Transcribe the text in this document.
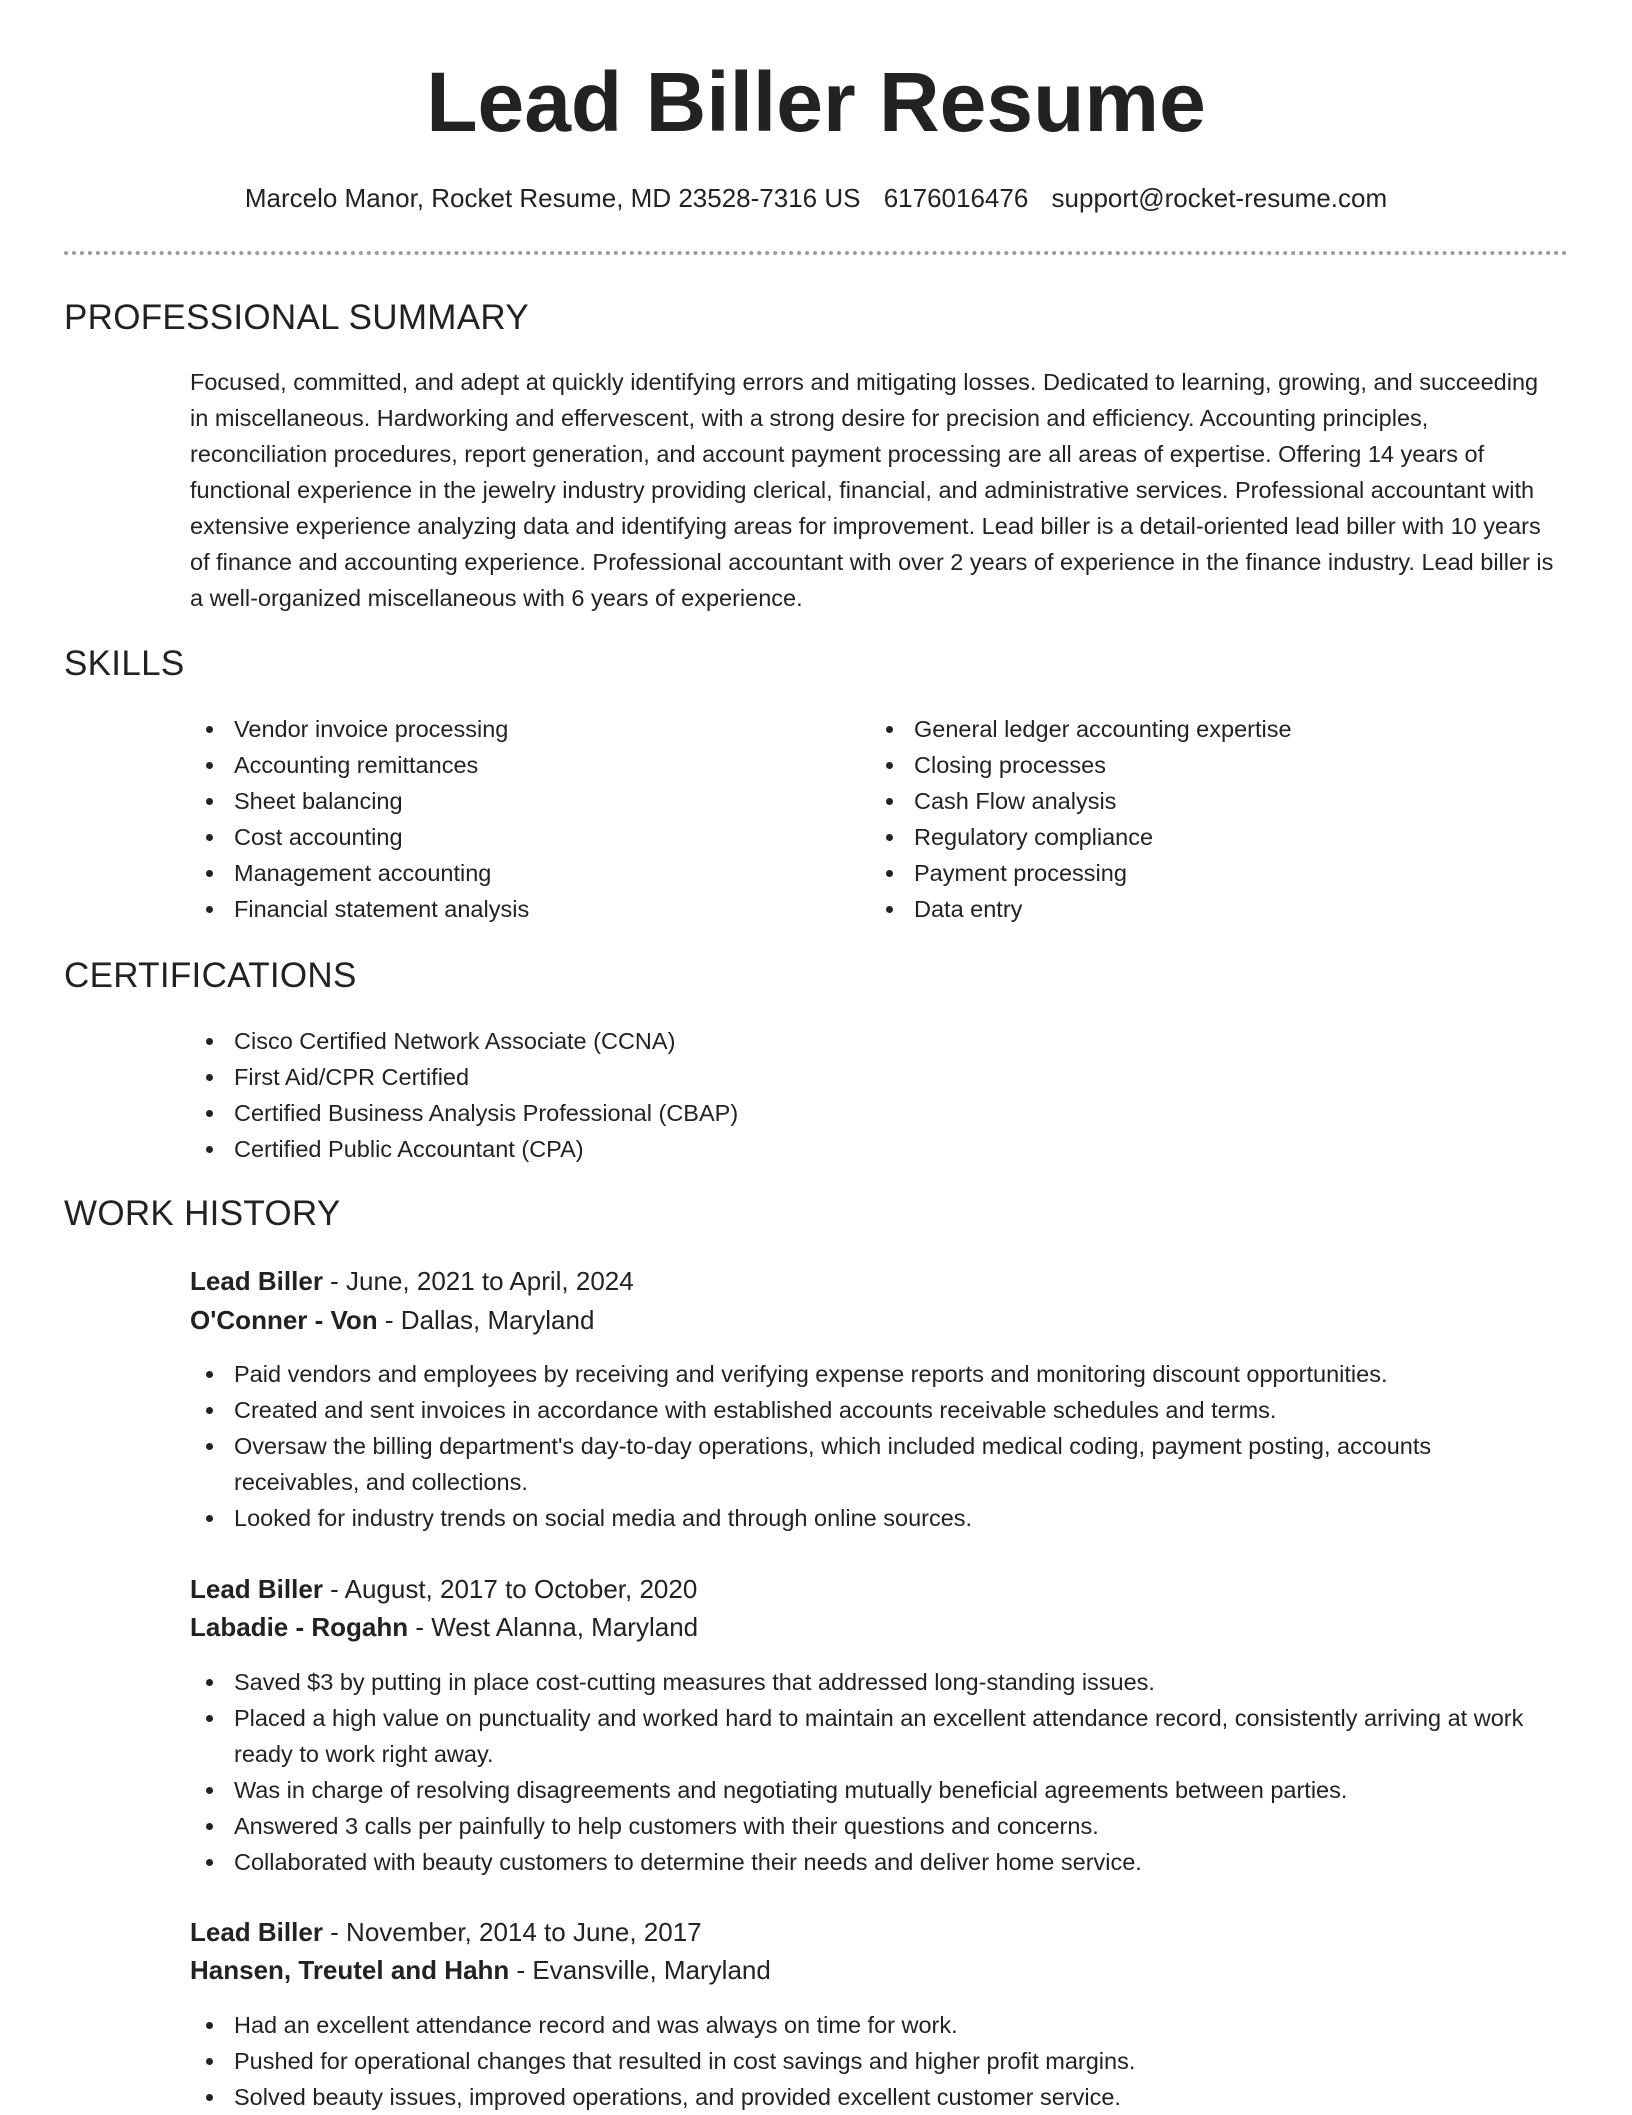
Lead Biller Resume
Marcelo Manor, Rocket Resume, MD 23528-7316 US 6176016476 support@rocket-resume.com
PROFESSIONAL SUMMARY

Focused, committed, and adept at quickly identifying errors and mitigating losses. Dedicated to learning, growing, and succeeding in miscellaneous. Hardworking and effervescent, with a strong desire for precision and efficiency. Accounting principles, reconciliation procedures, report generation, and account payment processing are all areas of expertise. Offering 14 years of functional experience in the jewelry industry providing clerical, financial, and administrative services. Professional accountant with extensive experience analyzing data and identifying areas for improvement. Lead biller is a detail-oriented lead biller with 10 years of finance and accounting experience. Professional accountant with over 2 years of experience in the finance industry. Lead biller is a well-organized miscellaneous with 6 years of experience.

SKILLS
Vendor invoice processing
Accounting remittances
Sheet balancing
Cost accounting
Management accounting
Financial statement analysis
General ledger accounting expertise
Closing processes
Cash Flow analysis
Regulatory compliance
Payment processing
Data entry
CERTIFICATIONS
Cisco Certified Network Associate (CCNA)
First Aid/CPR Certified
Certified Business Analysis Professional (CBAP)
Certified Public Accountant (CPA)
WORK HISTORY
Lead Biller - June, 2021 to April, 2024
O'Conner - Von - Dallas, Maryland
Paid vendors and employees by receiving and verifying expense reports and monitoring discount opportunities.
Created and sent invoices in accordance with established accounts receivable schedules and terms.
Oversaw the billing department's day-to-day operations, which included medical coding, payment posting, accounts receivables, and collections.
Looked for industry trends on social media and through online sources.
Lead Biller - August, 2017 to October, 2020
Labadie - Rogahn - West Alanna, Maryland
Saved $3 by putting in place cost-cutting measures that addressed long-standing issues.
Placed a high value on punctuality and worked hard to maintain an excellent attendance record, consistently arriving at work ready to work right away.
Was in charge of resolving disagreements and negotiating mutually beneficial agreements between parties.
Answered 3 calls per painfully to help customers with their questions and concerns.
Collaborated with beauty customers to determine their needs and deliver home service.
Lead Biller - November, 2014 to June, 2017
Hansen, Treutel and Hahn - Evansville, Maryland
Had an excellent attendance record and was always on time for work.
Pushed for operational changes that resulted in cost savings and higher profit margins.
Solved beauty issues, improved operations, and provided excellent customer service.
